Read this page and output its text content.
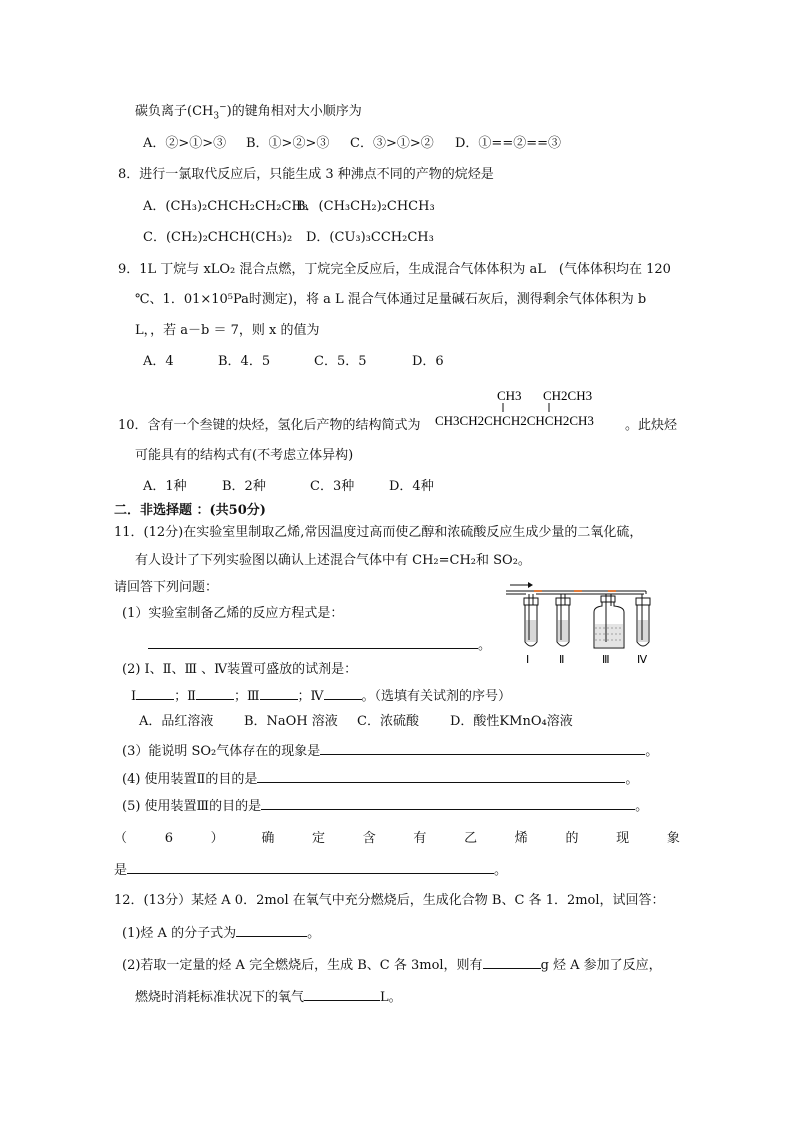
碳负离子$(CH_3^-)$的键角相对大小顺序为
A．②>①>③ B．①>②>③ C．③>①>② D．①==②==③
8．进行一氯取代反应后，只能生成 3 种沸点不同的产物的烷烃是
A．(CH₃)₂CHCH₂CH₂CH₃
B．(CH₃CH₂)₂CHCH₃
C．(CH₂)₂CHCH(CH₃)₂ D．(CU₃)₃CCH₂CH₃
9．1L 丁烷与 xLO₂ 混合点燃，丁烷完全反应后，生成混合气体体积为 aL　(气体体积均在 120
℃、1．01×10⁵Pa时测定)，将 a L 混合气体通过足量碱石灰后，测得剩余气体体积为 b
L，，若 a－b ＝ 7，则 x 的值为
A．4	B．4．5	C．5．5	D．6
10．含有一个叁键的炔烃，氢化后产物的结构简式为
CH3 CH2CH3
CH3CH2CHCH2CHCH2CH3 。此炔烃
可能具有的结构式有(不考虑立体异构)
A．1种	B．2种	C．3种	D．4种
二．非选择题 ：(共50分)
11．(12分)在实验室里制取乙烯,常因温度过高而使乙醇和浓硫酸反应生成少量的二氧化硫，
有人设计了下列实验图以确认上述混合气体中有 CH₂=CH₂和 SO₂。
请回答下列问题：
(1）实验室制备乙烯的反应方程式是：
。
(2) Ⅰ、Ⅱ、Ⅲ 、Ⅳ装置可盛放的试剂是：
Ⅰ	；Ⅱ	；Ⅲ	；Ⅳ	。（选填有关试剂的序号）
A．品红溶液 B．NaOH 溶液 C．浓硫酸 D．酸性KMnO₄溶液
(3）能说明 SO₂气体存在的现象是	。
(4) 使用装置Ⅱ的目的是	。
(5) 使用装置Ⅲ的目的是	。
（	6	）	确	定	含	有	乙	烯	的	现	象
是	。
Ⅰ	Ⅱ	Ⅲ Ⅳ
12．(13分）某烃 A 0．2mol 在氧气中充分燃烧后，生成化合物 B、C 各 1．2mol，试回答：
(1)烃 A 的分子式为	。
(2)若取一定量的烃 A 完全燃烧后，生成 B、C 各 3mol，则有	g 烃 A 参加了反应，
燃烧时消耗标准状况下的氧气	L。
